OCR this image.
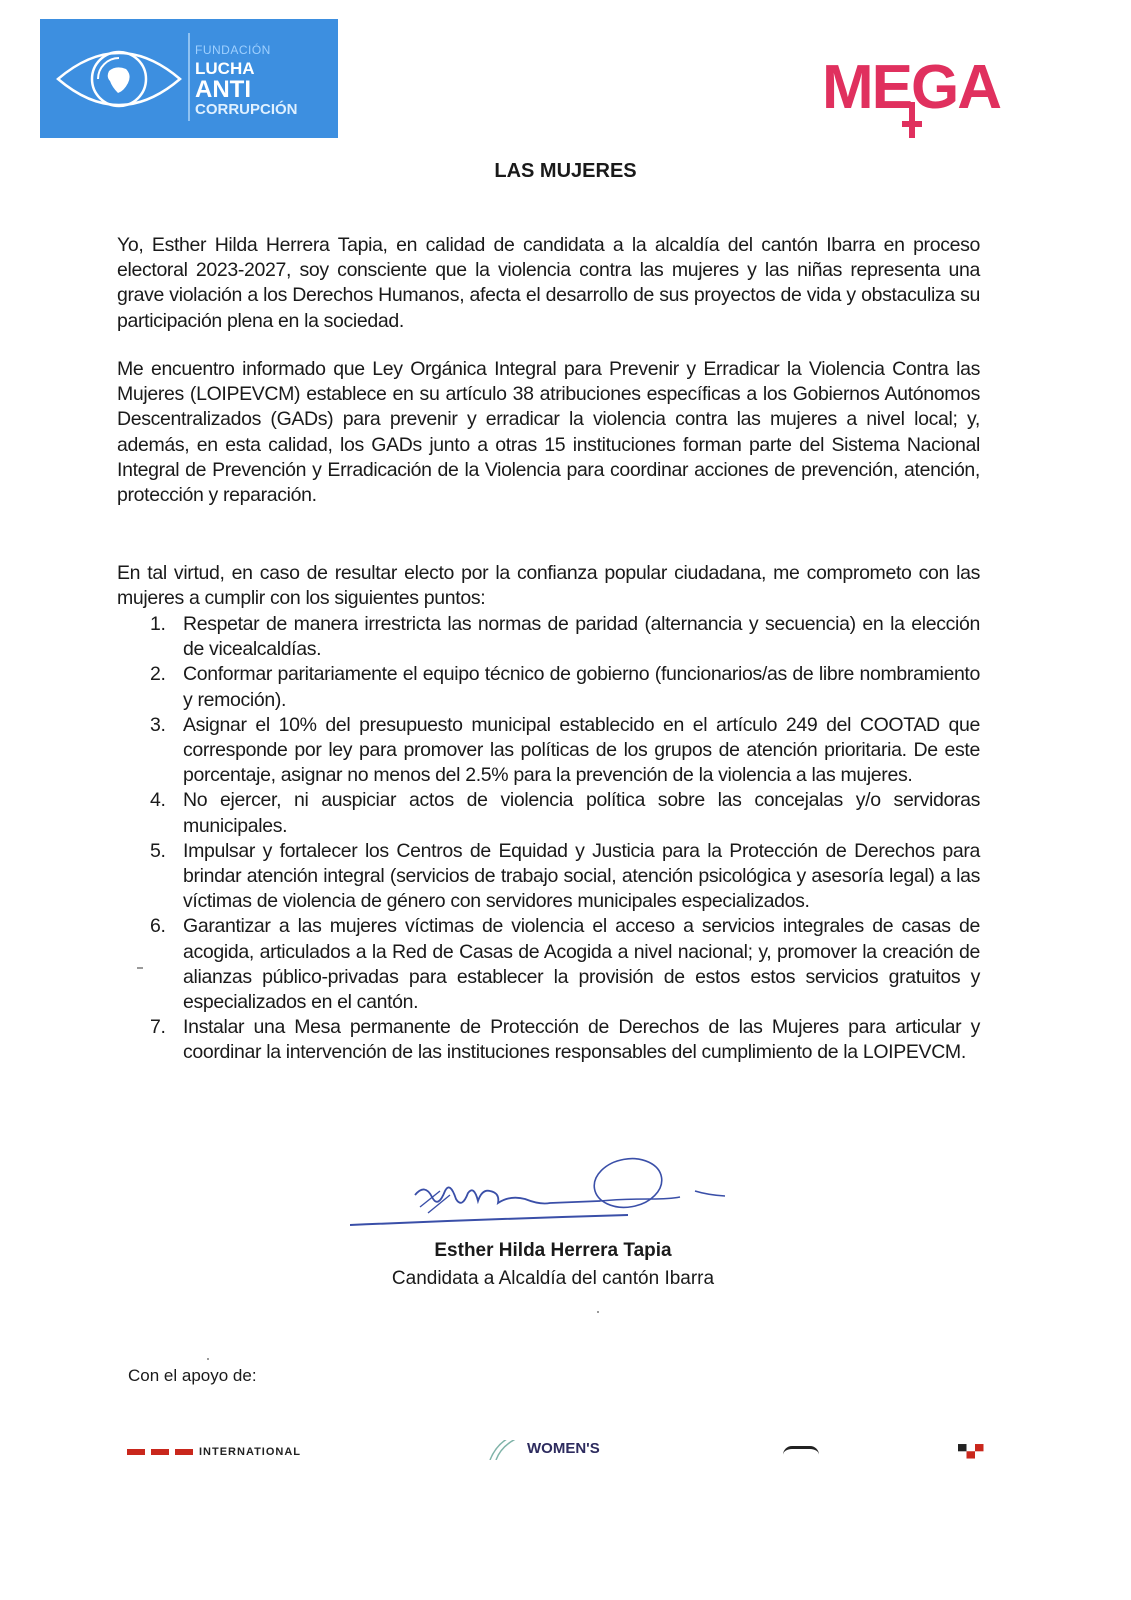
FUNDACIÓN
LUCHA
ANTI
CORRUPCIÓN	MEGA
LAS MUJERES

Yo, Esther Hilda Herrera Tapia, en calidad de candidata a la alcaldía del cantón Ibarra en proceso electoral 2023-2027, soy consciente que la violencia contra las mujeres y las niñas representa una grave violación a los Derechos Humanos, afecta el desarrollo de sus proyectos de vida y obstaculiza su participación plena en la sociedad.

Me encuentro informado que Ley Orgánica Integral para Prevenir y Erradicar la Violencia Contra las Mujeres (LOIPEVCM) establece en su artículo 38 atribuciones específicas a los Gobiernos Autónomos Descentralizados (GADs) para prevenir y erradicar la violencia contra las mujeres a nivel local; y, además, en esta calidad, los GADs junto a otras 15 instituciones forman parte del Sistema Nacional Integral de Prevención y Erradicación de la Violencia para coordinar acciones de prevención, atención, protección y reparación.

En tal virtud, en caso de resultar electo por la confianza popular ciudadana, me comprometo con las mujeres a cumplir con los siguientes puntos:

1. Respetar de manera irrestricta las normas de paridad (alternancia y secuencia) en la elección de vicealcaldías.
2. Conformar paritariamente el equipo técnico de gobierno (funcionarios/as de libre nombramiento y remoción).
3. Asignar el 10% del presupuesto municipal establecido en el artículo 249 del COOTAD que corresponde por ley para promover las políticas de los grupos de atención prioritaria. De este porcentaje, asignar no menos del 2.5% para la prevención de la violencia a las mujeres.
4. No ejercer, ni auspiciar actos de violencia política sobre las concejalas y/o servidoras municipales.
5. Impulsar y fortalecer los Centros de Equidad y Justicia para la Protección de Derechos para brindar atención integral (servicios de trabajo social, atención psicológica y asesoría legal) a las víctimas de violencia de género con servidores municipales especializados.
6. Garantizar a las mujeres víctimas de violencia el acceso a servicios integrales de casas de acogida, articulados a la Red de Casas de Acogida a nivel nacional; y, promover la creación de alianzas público-privadas para establecer la provisión de estos estos servicios gratuitos y especializados en el cantón.
7. Instalar una Mesa permanente de Protección de Derechos de las Mujeres para articular y coordinar la intervención de las instituciones responsables del cumplimiento de la LOIPEVCM.
Esther Hilda Herrera Tapia
Candidata a Alcaldía del cantón Ibarra
Con el apoyo de:
INTERNATIONAL	WOMEN'S	▀▄▀
